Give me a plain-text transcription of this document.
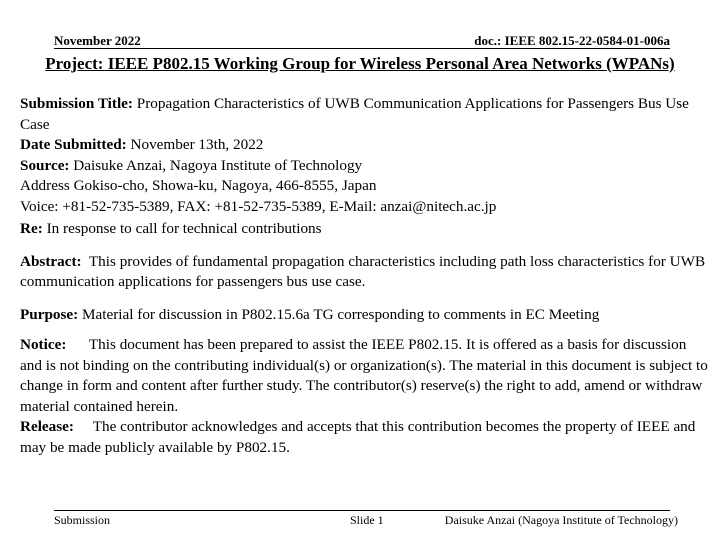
November 2022	doc.: IEEE 802.15-22-0584-01-006a
Project: IEEE P802.15 Working Group for Wireless Personal Area Networks (WPANs)

Submission Title: Propagation Characteristics of UWB Communication Applications for Passengers Bus Use Case

Date Submitted: November 13th, 2022

Source: Daisuke Anzai, Nagoya Institute of Technology

Address Gokiso-cho, Showa-ku, Nagoya, 466-8555, Japan

Voice: +81-52-735-5389, FAX: +81-52-735-5389, E-Mail: anzai@nitech.ac.jp

Re: In response to call for technical contributions

Abstract: This provides of fundamental propagation characteristics including path loss characteristics for UWB communication applications for passengers bus use case.

Purpose: Material for discussion in P802.15.6a TG corresponding to comments in EC Meeting

Notice: This document has been prepared to assist the IEEE P802.15. It is offered as a basis for discussion and is not binding on the contributing individual(s) or organization(s). The material in this document is subject to change in form and content after further study. The contributor(s) reserve(s) the right to add, amend or withdraw material contained herein.

Release: The contributor acknowledges and accepts that this contribution becomes the property of IEEE and may be made publicly available by P802.15.

Submission	Slide 1	Daisuke Anzai (Nagoya Institute of Technology)
